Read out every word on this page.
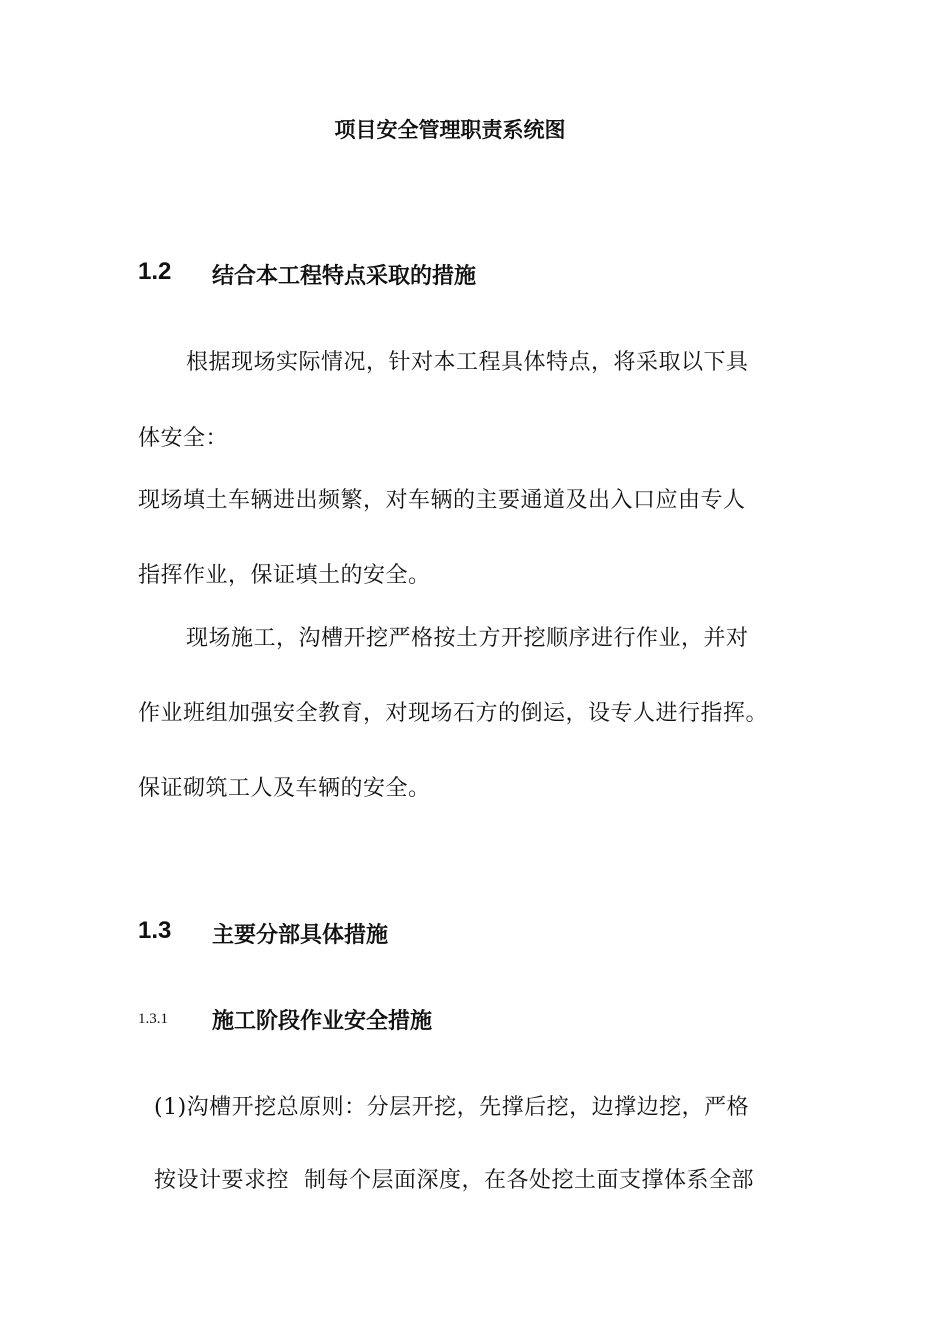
项目安全管理职责系统图
1.2 结合本工程特点采取的措施
根据现场实际情况，针对本工程具体特点，将采取以下具
体安全：
现场填土车辆进出频繁，对车辆的主要通道及出入口应由专人
指挥作业，保证填土的安全。
现场施工，沟槽开挖严格按土方开挖顺序进行作业，并对
作业班组加强安全教育，对现场石方的倒运，设专人进行指挥。
保证砌筑工人及车辆的安全。
1.3 主要分部具体措施
1.3.1 施工阶段作业安全措施
(1)沟槽开挖总原则：分层开挖，先撑后挖，边撑边挖，严格
按设计要求控  制每个层面深度，在各处挖土面支撑体系全部
